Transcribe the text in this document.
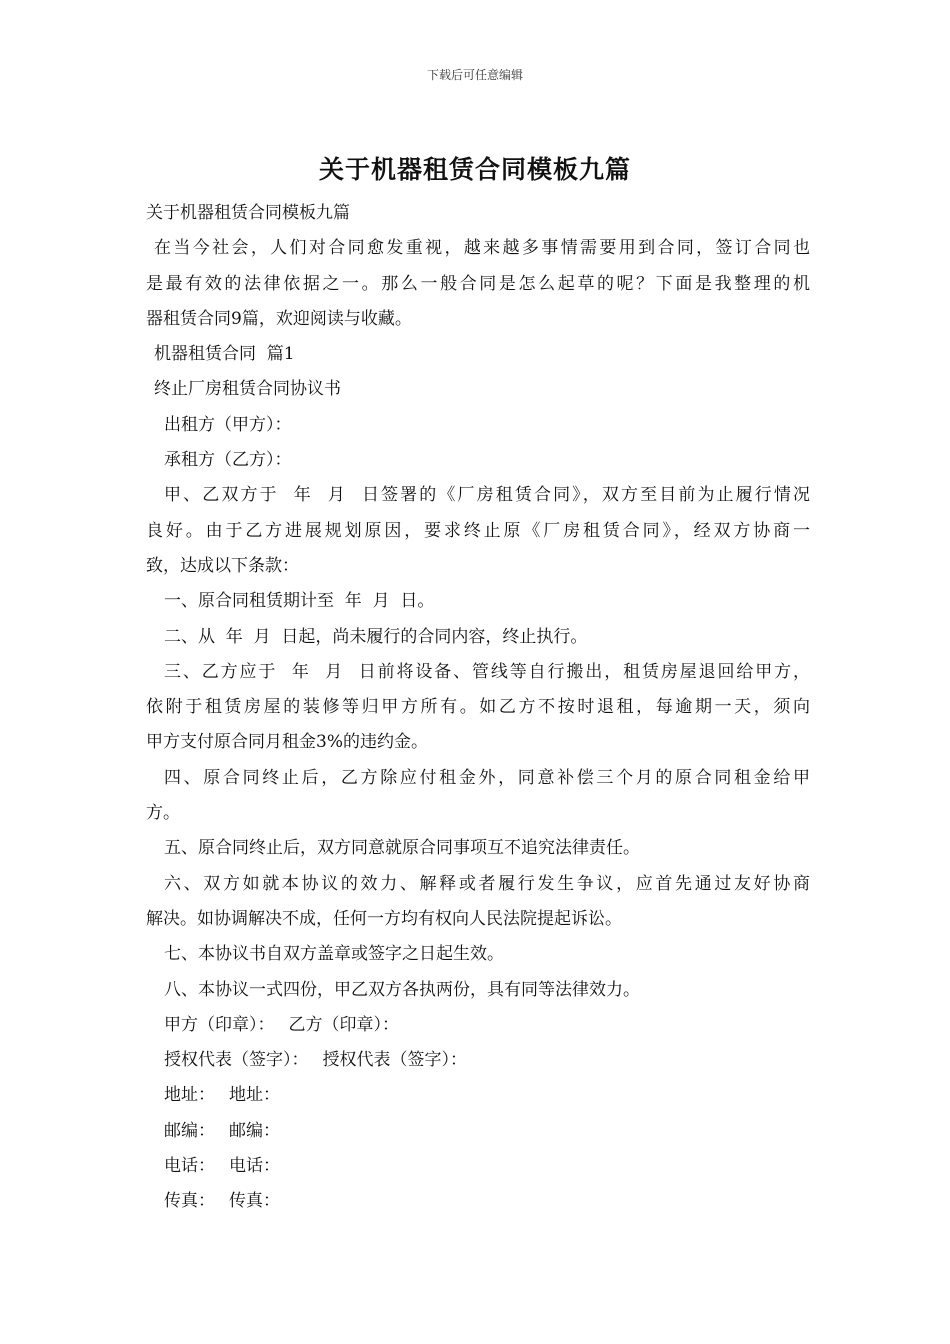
下载后可任意编辑
关于机器租赁合同模板九篇
关于机器租赁合同模板九篇
在当今社会，人们对合同愈发重视，越来越多事情需要用到合同，签订合同也
是最有效的法律依据之一。那么一般合同是怎么起草的呢？下面是我整理的机
器租赁合同9篇，欢迎阅读与收藏。
机器租赁合同  篇1
终止厂房租赁合同协议书
出租方（甲方）：
承租方（乙方）：
甲、乙双方于  年  月  日签署的《厂房租赁合同》，双方至目前为止履行情况
良好。由于乙方进展规划原因，要求终止原《厂房租赁合同》，经双方协商一
致，达成以下条款：
一、原合同租赁期计至  年  月  日。
二、从  年  月  日起，尚未履行的合同内容，终止执行。
三、乙方应于  年  月  日前将设备、管线等自行搬出，租赁房屋退回给甲方，
依附于租赁房屋的装修等归甲方所有。如乙方不按时退租，每逾期一天，须向
甲方支付原合同月租金3%的违约金。
四、原合同终止后，乙方除应付租金外，同意补偿三个月的原合同租金给甲
方。
五、原合同终止后，双方同意就原合同事项互不追究法律责任。
六、双方如就本协议的效力、解释或者履行发生争议，应首先通过友好协商
解决。如协调解决不成，任何一方均有权向人民法院提起诉讼。
七、本协议书自双方盖章或签字之日起生效。
八、本协议一式四份，甲乙双方各执两份，具有同等法律效力。
甲方（印章）： 乙方（印章）：
授权代表（签字）： 授权代表（签字）：
地址： 地址：
邮编： 邮编：
电话： 电话：
传真： 传真：
